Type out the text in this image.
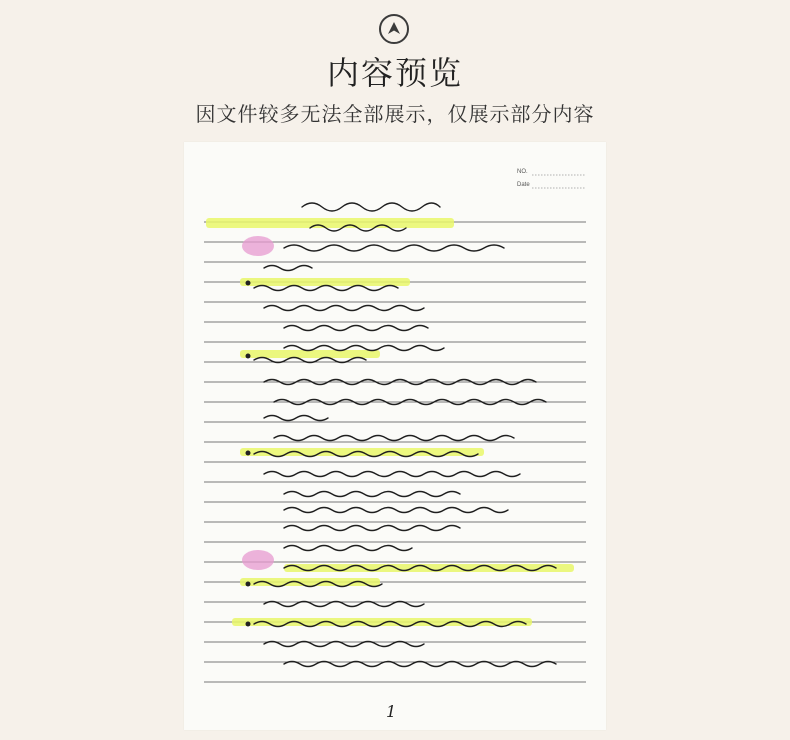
内容预览
因文件较多无法全部展示，仅展示部分内容
NO.
Date
1
